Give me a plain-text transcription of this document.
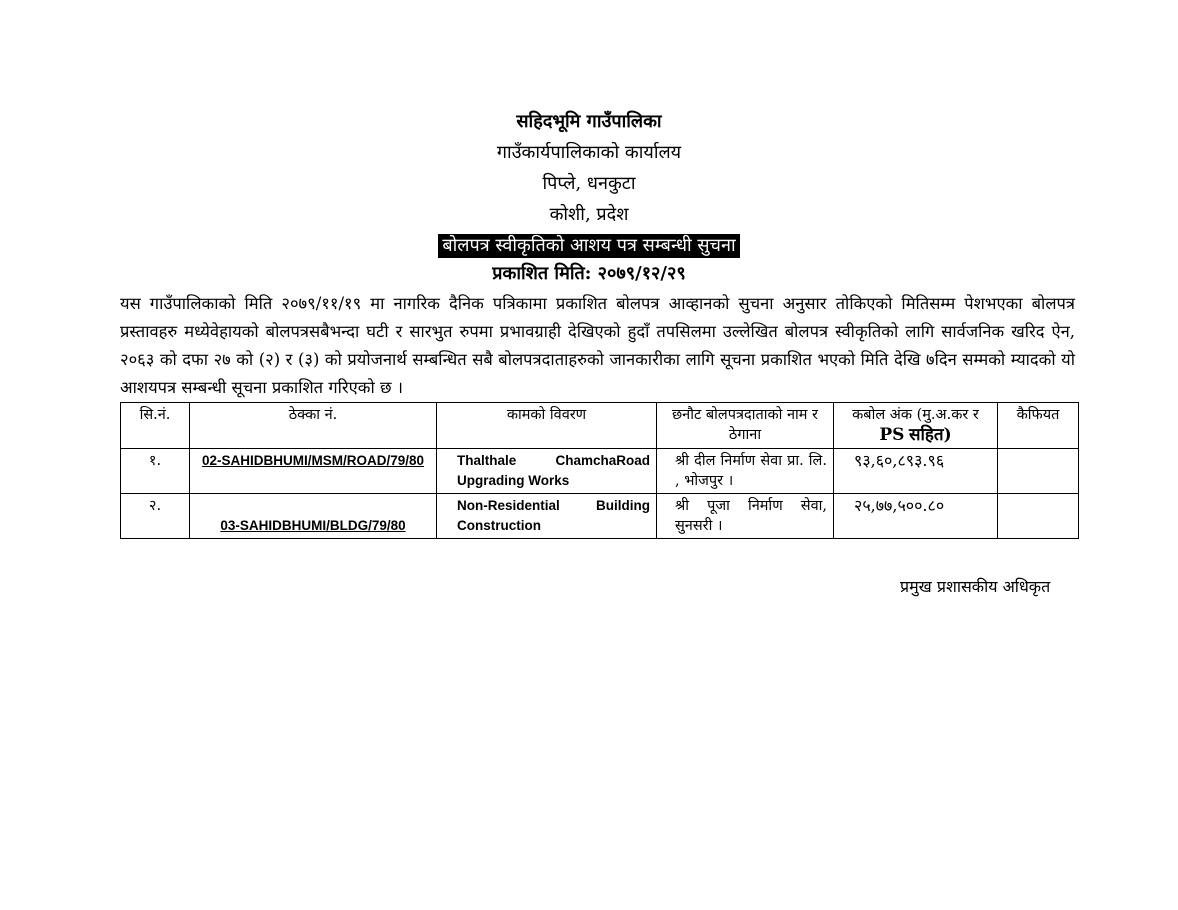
सहिदभूमि गाउँपालिका
गाउँकार्यपालिकाको कार्यालय
पिप्ले, धनकुटा
कोशी, प्रदेश
बोलपत्र स्वीकृतिको आशय पत्र सम्बन्धी सुचना
प्रकाशित मिति: २०७९/१२/२९
यस गाउँपालिकाको मिति २०७९/११/१९ मा नागरिक दैनिक पत्रिकामा प्रकाशित बोलपत्र आव्हानको सुचना अनुसार तोकिएको मितिसम्म पेशभएका बोलपत्र प्रस्तावहरु मध्येवेहायको बोलपत्रसबैभन्दा घटी र सारभुत रुपमा प्रभावग्राही देखिएको हुदाँ तपसिलमा उल्लेखित बोलपत्र स्वीकृतिको लागि सार्वजनिक खरिद ऐन, २०६३ को दफा २७ को (२) र (३) को प्रयोजनार्थ सम्बन्धित सबै बोलपत्रदाताहरुको जानकारीका लागि सूचना प्रकाशित भएको मिति देखि ७दिन सम्मको म्यादको यो आशयपत्र सम्बन्धी सूचना प्रकाशित गरिएको छ ।
सि.नं.	ठेक्का नं.	कामको विवरण	छनौट बोलपत्रदाताको नाम र ठेगाना	कबोल अंक (मु.अ.कर र PS सहित)	कैफियत
१.	02-SAHIDBHUMI/MSM/ROAD/79/80	Thalthale ChamchaRoad Upgrading Works	श्री दील निर्माण सेवा प्रा. लि. , भोजपुर ।	९३,६०,८९३.९६	
२.	03-SAHIDBHUMI/BLDG/79/80	Non-Residential Building Construction	श्री पूजा निर्माण सेवा, सुनसरी ।	२५,७७,५००.८०	
प्रमुख प्रशासकीय अधिकृत
